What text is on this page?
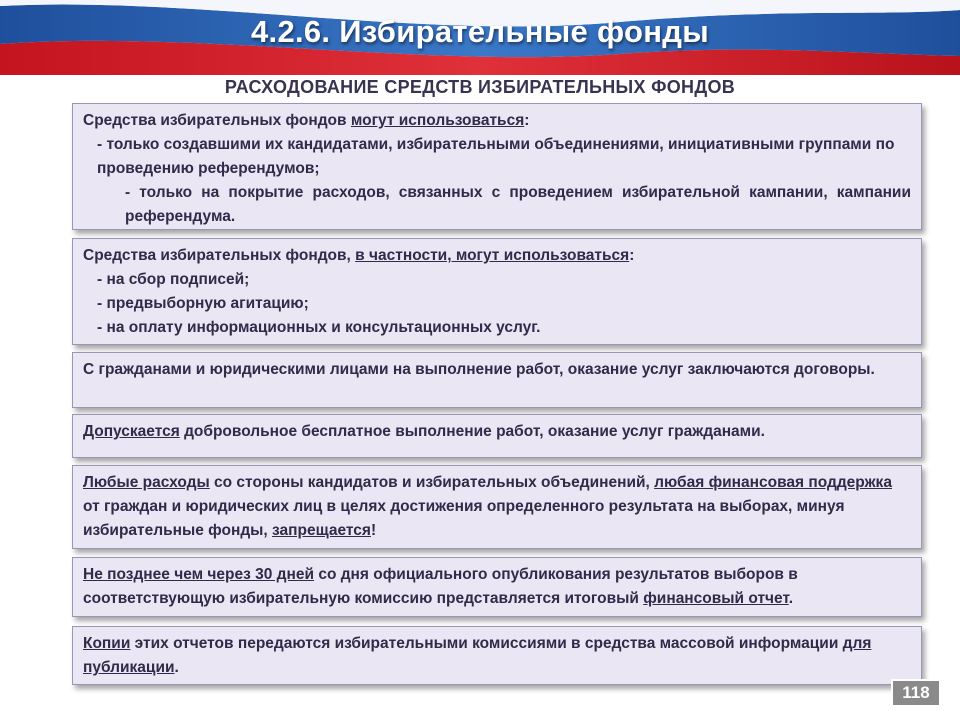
4.2.6. Избирательные фонды
РАСХОДОВАНИЕ СРЕДСТВ ИЗБИРАТЕЛЬНЫХ ФОНДОВ

Средства избирательных фондов могут использоваться:

- только создавшими их кандидатами, избирательными объединениями, инициативными группами по проведению референдумов;

- только на покрытие расходов, связанных с проведением избирательной кампании, кампании референдума.

Средства избирательных фондов, в частности, могут использоваться:

- на сбор подписей;

- предвыборную агитацию;

- на оплату информационных и консультационных услуг.

С гражданами и юридическими лицами на выполнение работ, оказание услуг заключаются договоры.

Допускается добровольное бесплатное выполнение работ, оказание услуг гражданами.

Любые расходы со стороны кандидатов и избирательных объединений, любая финансовая поддержка от граждан и юридических лиц в целях достижения определенного результата на выборах, минуя избирательные фонды, запрещается!

Не позднее чем через 30 дней со дня официального опубликования результатов выборов в соответствующую избирательную комиссию представляется итоговый финансовый отчет.

Копии этих отчетов передаются избирательными комиссиями в средства массовой информации для публикации.

118
